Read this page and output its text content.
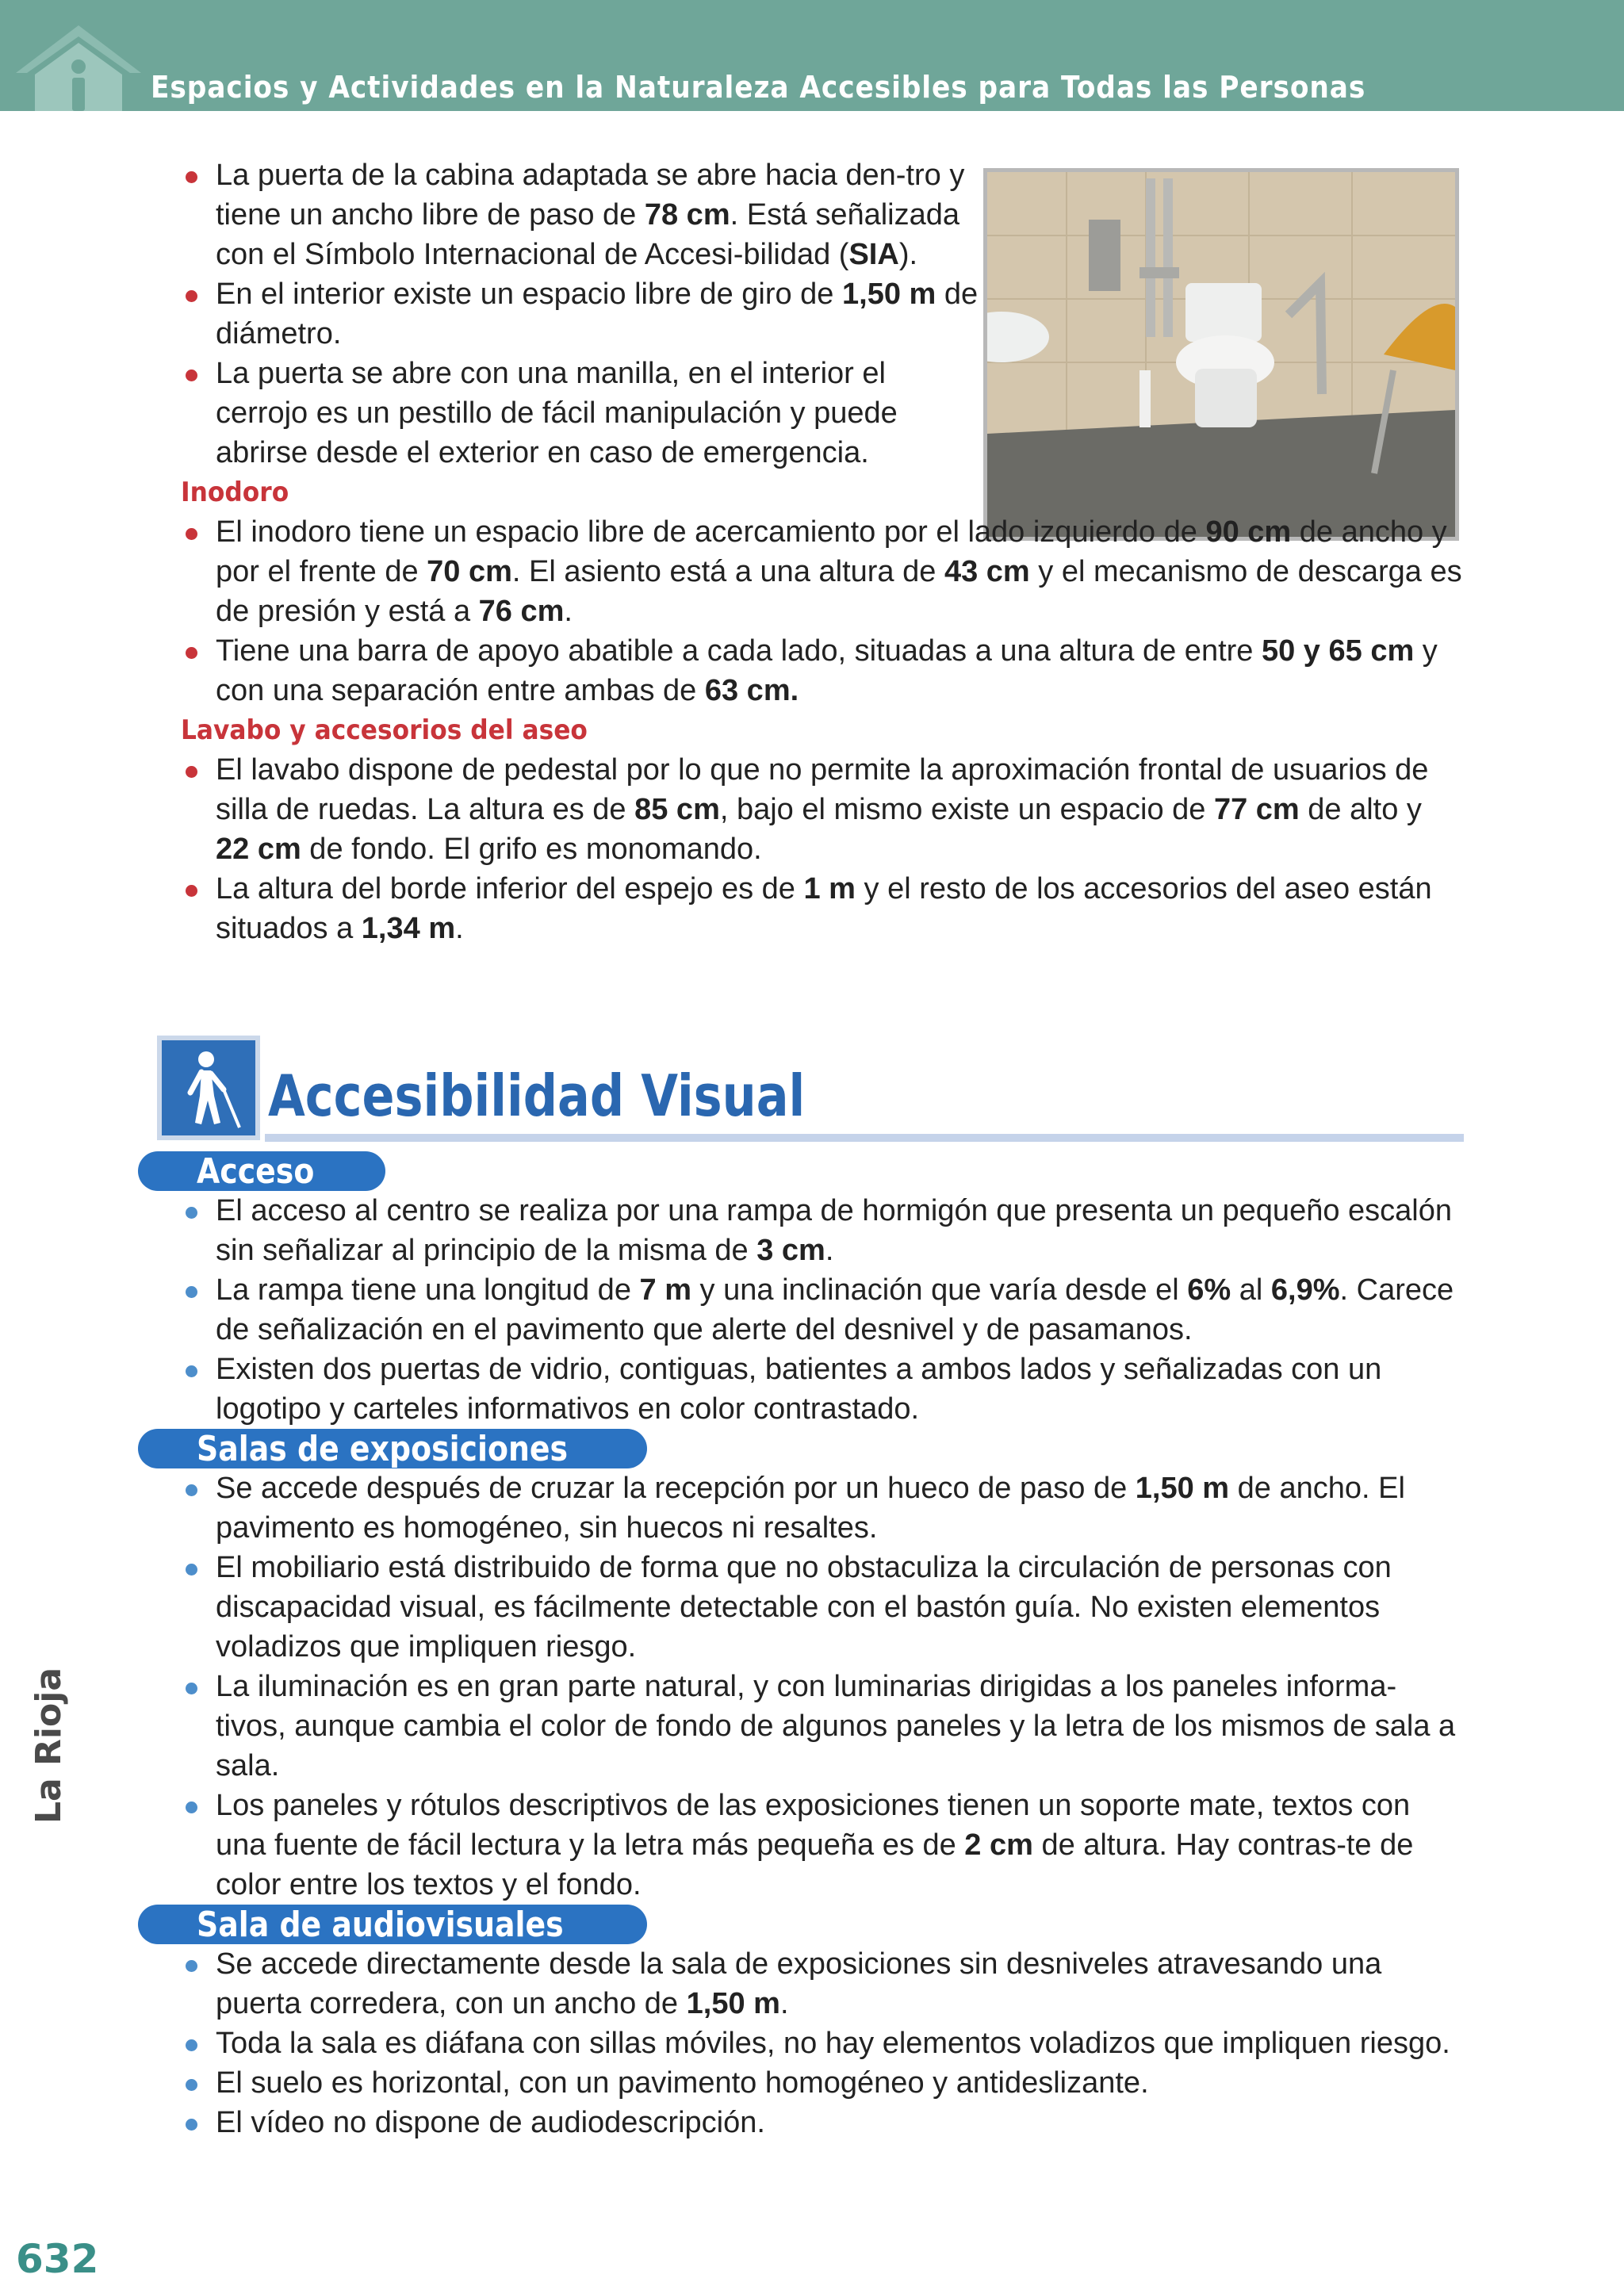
Espacios y Actividades en la Naturaleza Accesibles para Todas las Personas

La Rioja

632

La puerta de la cabina adaptada se abre hacia den-tro y tiene un ancho libre de paso de 78 cm. Está señalizada con el Símbolo Internacional de Accesi-bilidad (SIA).
En el interior existe un espacio libre de giro de 1,50 m de diámetro.
La puerta se abre con una manilla, en el interior el cerrojo es un pestillo de fácil manipulación y puede abrirse desde el exterior en caso de emergencia.
Inodoro
El inodoro tiene un espacio libre de acercamiento por el lado izquierdo de 90 cm de ancho y por el frente de 70 cm. El asiento está a una altura de 43 cm y el mecanismo de descarga es de presión y está a 76 cm.
Tiene una barra de apoyo abatible a cada lado, situadas a una altura de entre 50 y 65 cm y con una separación entre ambas de 63 cm.
Lavabo y accesorios del aseo
El lavabo dispone de pedestal por lo que no permite la aproximación frontal de usuarios de silla de ruedas. La altura es de 85 cm, bajo el mismo existe un espacio de 77 cm de alto y 22 cm de fondo. El grifo es monomando.
La altura del borde inferior del espejo es de 1 m y el resto de los accesorios del aseo están situados a 1,34 m.
Accesibilidad Visual
Acceso
El acceso al centro se realiza por una rampa de hormigón que presenta un pequeño escalón sin señalizar al principio de la misma de 3 cm.
La rampa tiene una longitud de 7 m y una inclinación que varía desde el 6% al 6,9%. Carece de señalización en el pavimento que alerte del desnivel y de pasamanos.
Existen dos puertas de vidrio, contiguas, batientes a ambos lados y señalizadas con un logotipo y carteles informativos en color contrastado.
Salas de exposiciones
Se accede después de cruzar la recepción por un hueco de paso de 1,50 m de ancho. El pavimento es homogéneo, sin huecos ni resaltes.
El mobiliario está distribuido de forma que no obstaculiza la circulación de personas con discapacidad visual, es fácilmente detectable con el bastón guía. No existen elementos voladizos que impliquen riesgo.
La iluminación es en gran parte natural, y con luminarias dirigidas a los paneles informa-tivos, aunque cambia el color de fondo de algunos paneles y la letra de los mismos de sala a sala.
Los paneles y rótulos descriptivos de las exposiciones tienen un soporte mate, textos con una fuente de fácil lectura y la letra más pequeña es de 2 cm de altura. Hay contras-te de color entre los textos y el fondo.
Sala de audiovisuales
Se accede directamente desde la sala de exposiciones sin desniveles atravesando una puerta corredera, con un ancho de 1,50 m.
Toda la sala es diáfana con sillas móviles, no hay elementos voladizos que impliquen riesgo.
El suelo es horizontal, con un pavimento homogéneo y antideslizante.
El vídeo no dispone de audiodescripción.
